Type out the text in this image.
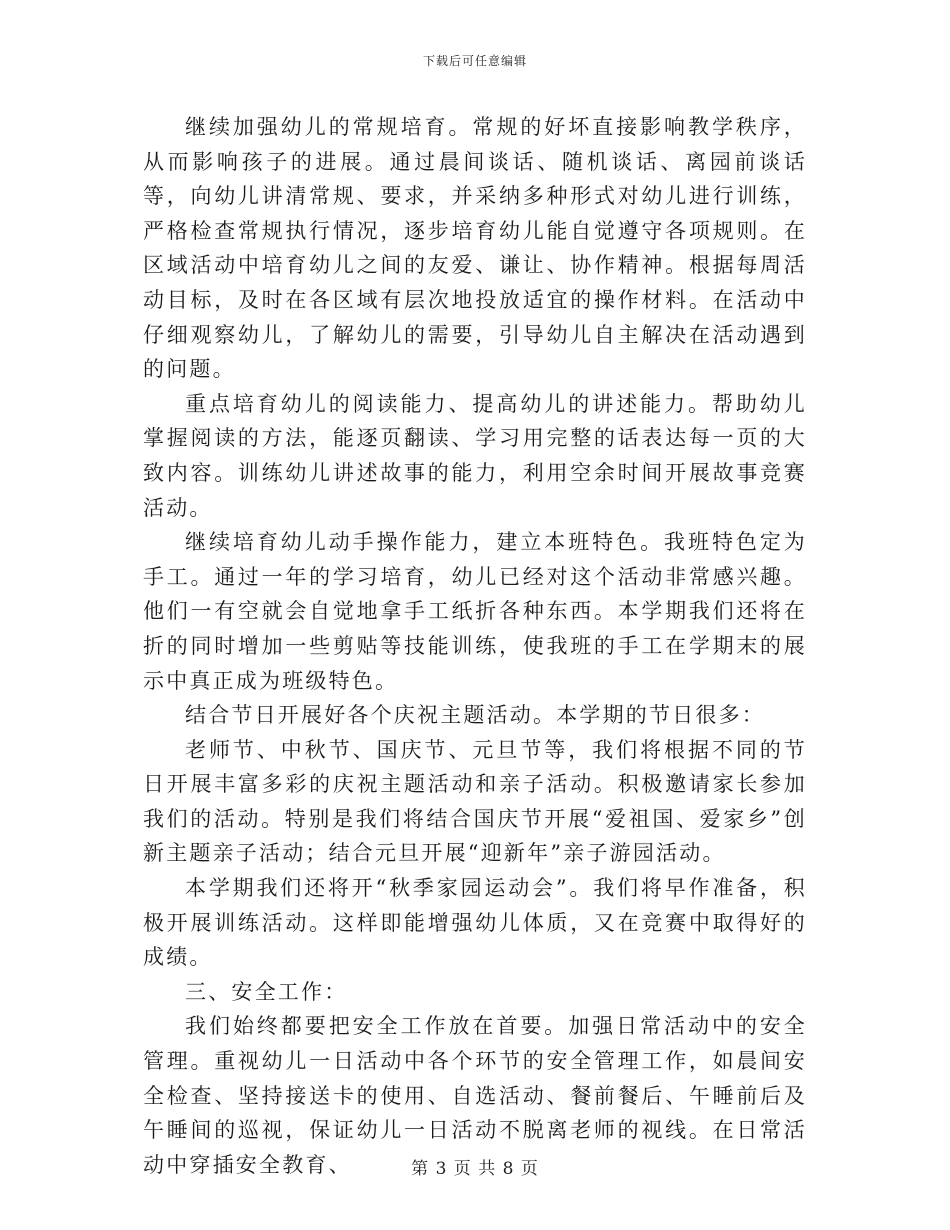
下载后可任意编辑

继续加强幼儿的常规培育。常规的好坏直接影响教学秩序，从而影响孩子的进展。通过晨间谈话、随机谈话、离园前谈话等，向幼儿讲清常规、要求，并采纳多种形式对幼儿进行训练，严格检查常规执行情况，逐步培育幼儿能自觉遵守各项规则。在区域活动中培育幼儿之间的友爱、谦让、协作精神。根据每周活动目标，及时在各区域有层次地投放适宜的操作材料。在活动中仔细观察幼儿，了解幼儿的需要，引导幼儿自主解决在活动遇到的问题。

重点培育幼儿的阅读能力、提高幼儿的讲述能力。帮助幼儿掌握阅读的方法，能逐页翻读、学习用完整的话表达每一页的大致内容。训练幼儿讲述故事的能力，利用空余时间开展故事竞赛活动。

继续培育幼儿动手操作能力，建立本班特色。我班特色定为手工。通过一年的学习培育，幼儿已经对这个活动非常感兴趣。他们一有空就会自觉地拿手工纸折各种东西。本学期我们还将在折的同时增加一些剪贴等技能训练，使我班的手工在学期末的展示中真正成为班级特色。

结合节日开展好各个庆祝主题活动。本学期的节日很多：

老师节、中秋节、国庆节、元旦节等，我们将根据不同的节日开展丰富多彩的庆祝主题活动和亲子活动。积极邀请家长参加我们的活动。特别是我们将结合国庆节开展“爱祖国、爱家乡”创新主题亲子活动；结合元旦开展“迎新年”亲子游园活动。

本学期我们还将开“秋季家园运动会”。我们将早作准备，积极开展训练活动。这样即能增强幼儿体质，又在竞赛中取得好的成绩。

三、安全工作：

我们始终都要把安全工作放在首要。加强日常活动中的安全管理。重视幼儿一日活动中各个环节的安全管理工作，如晨间安全检查、坚持接送卡的使用、自选活动、餐前餐后、午睡前后及午睡间的巡视，保证幼儿一日活动不脱离老师的视线。在日常活动中穿插安全教育、	第 3 页 共 8 页
